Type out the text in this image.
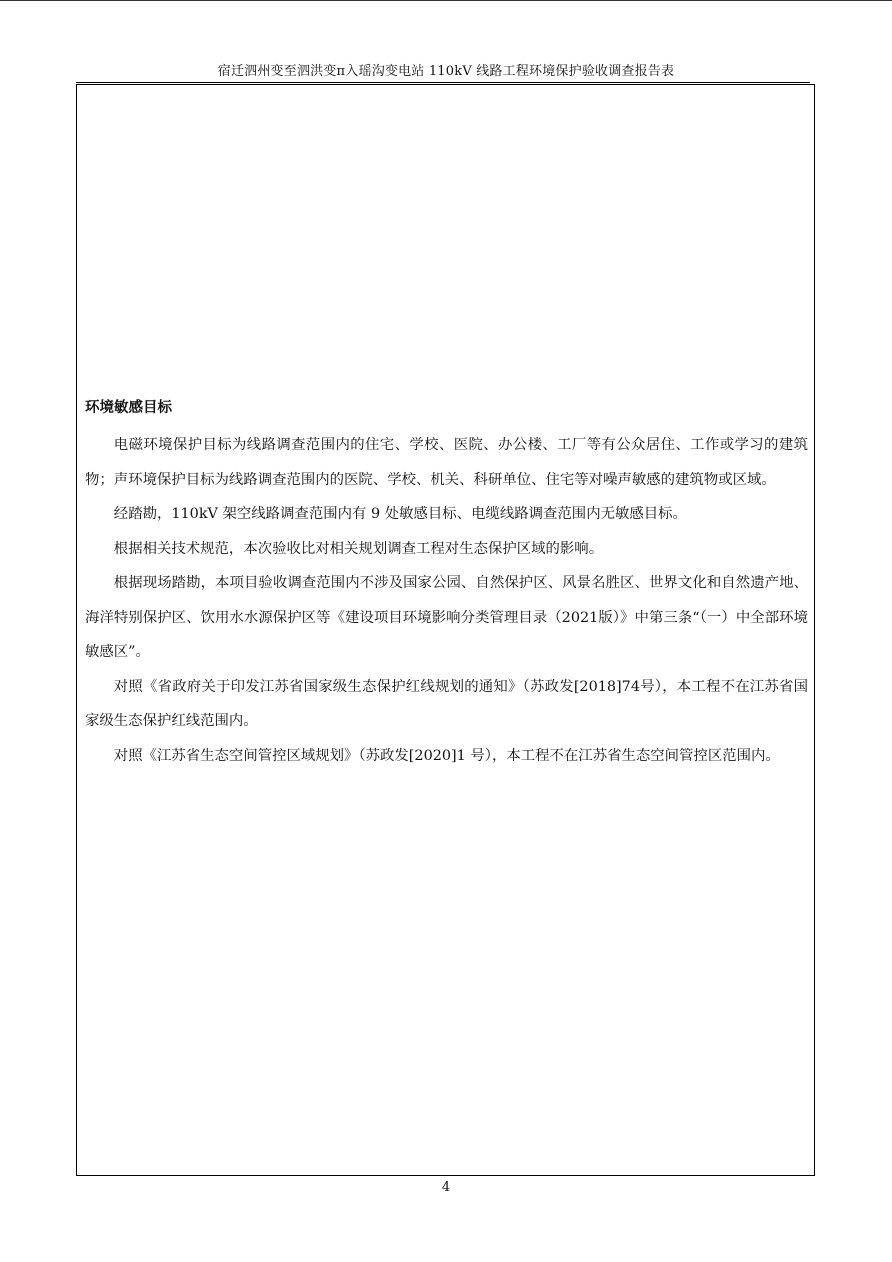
宿迁泗州变至泗洪变π入瑶沟变电站 110kV 线路工程环境保护验收调查报告表
环境敏感目标

电磁环境保护目标为线路调查范围内的住宅、学校、医院、办公楼、工厂等有公众居住、工作或学习的建筑物；声环境保护目标为线路调查范围内的医院、学校、机关、科研单位、住宅等对噪声敏感的建筑物或区域。

经踏勘，110kV 架空线路调查范围内有 9 处敏感目标、电缆线路调查范围内无敏感目标。

根据相关技术规范，本次验收比对相关规划调查工程对生态保护区域的影响。

根据现场踏勘，本项目验收调查范围内不涉及国家公园、自然保护区、风景名胜区、世界文化和自然遗产地、海洋特别保护区、饮用水水源保护区等《建设项目环境影响分类管理目录（2021版）》中第三条“（一）中全部环境敏感区”。

对照《省政府关于印发江苏省国家级生态保护红线规划的通知》（苏政发[2018]74号），本工程不在江苏省国家级生态保护红线范围内。

对照《江苏省生态空间管控区域规划》（苏政发[2020]1 号），本工程不在江苏省生态空间管控区范围内。

4
